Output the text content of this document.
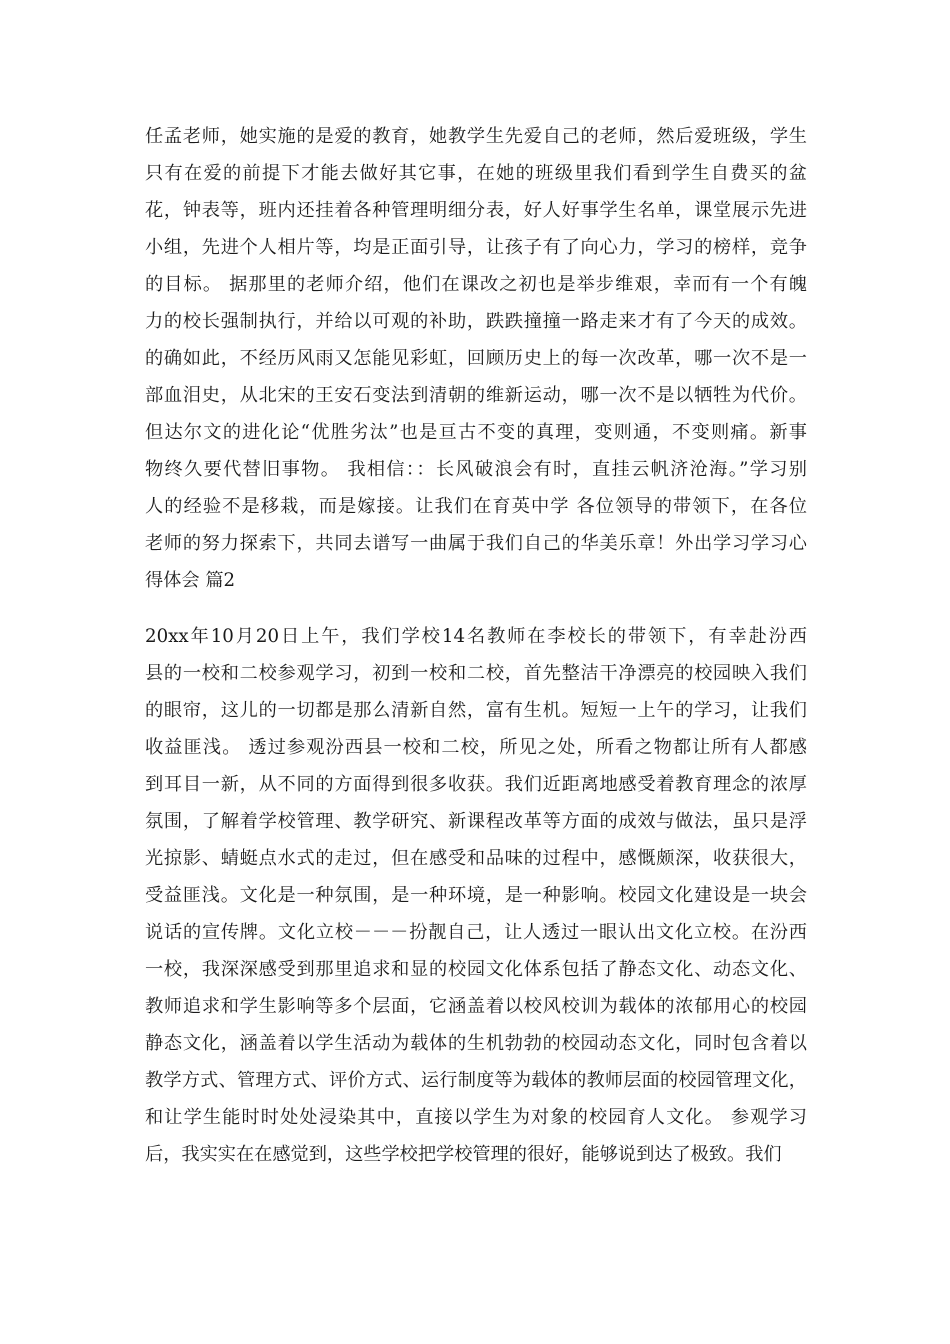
任孟老师，她实施的是爱的教育，她教学生先爱自己的老师，然后爱班级，学生
只有在爱的前提下才能去做好其它事，在她的班级里我们看到学生自费买的盆
花，钟表等，班内还挂着各种管理明细分表，好人好事学生名单，课堂展示先进
小组，先进个人相片等，均是正面引导，让孩子有了向心力，学习的榜样，竞争
的目标。 据那里的老师介绍，他们在课改之初也是举步维艰，幸而有一个有魄
力的校长强制执行，并给以可观的补助，跌跌撞撞一路走来才有了今天的成效。
的确如此，不经历风雨又怎能见彩虹，回顾历史上的每一次改革，哪一次不是一
部血泪史，从北宋的王安石变法到清朝的维新运动，哪一次不是以牺牲为代价。
但达尔文的进化论“优胜劣汰”也是亘古不变的真理，变则通，不变则痛。新事
物终久要代替旧事物。 我相信：：长风破浪会有时，直挂云帆济沧海。”学习别
人的经验不是移栽，而是嫁接。让我们在育英中学 各位领导的带领下，在各位
老师的努力探索下，共同去谱写一曲属于我们自己的华美乐章！外出学习学习心
得体会 篇2
20xx年10月20日上午，我们学校14名教师在李校长的带领下，有幸赴汾西
县的一校和二校参观学习，初到一校和二校，首先整洁干净漂亮的校园映入我们
的眼帘，这儿的一切都是那么清新自然，富有生机。短短一上午的学习，让我们
收益匪浅。 透过参观汾西县一校和二校，所见之处，所看之物都让所有人都感
到耳目一新，从不同的方面得到很多收获。我们近距离地感受着教育理念的浓厚
氛围，了解着学校管理、教学研究、新课程改革等方面的成效与做法，虽只是浮
光掠影、蜻蜓点水式的走过，但在感受和品味的过程中，感慨颇深，收获很大，
受益匪浅。文化是一种氛围，是一种环境，是一种影响。校园文化建设是一块会
说话的宣传牌。文化立校－－－扮靓自己，让人透过一眼认出文化立校。在汾西
一校，我深深感受到那里追求和显的校园文化体系包括了静态文化、动态文化、
教师追求和学生影响等多个层面，它涵盖着以校风校训为载体的浓郁用心的校园
静态文化，涵盖着以学生活动为载体的生机勃勃的校园动态文化，同时包含着以
教学方式、管理方式、评价方式、运行制度等为载体的教师层面的校园管理文化，
和让学生能时时处处浸染其中，直接以学生为对象的校园育人文化。 参观学习
后，我实实在在感觉到，这些学校把学校管理的很好，能够说到达了极致。我们
